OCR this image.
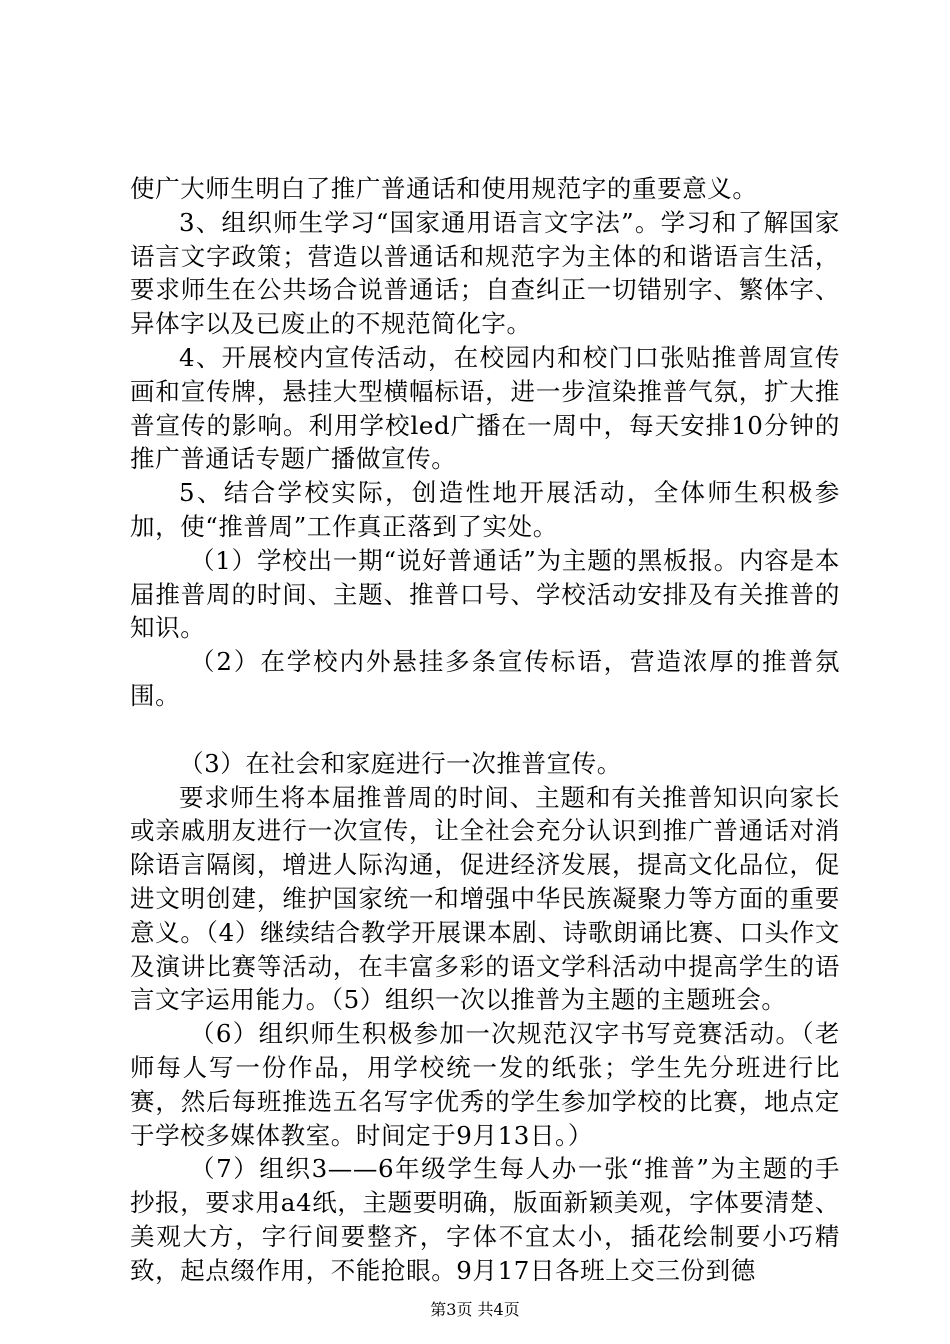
使广大师生明白了推广普通话和使用规范字的重要意义。

3、组织师生学习“国家通用语言文字法”。学习和了解国家语言文字政策；营造以普通话和规范字为主体的和谐语言生活，要求师生在公共场合说普通话；自查纠正一切错别字、繁体字、异体字以及已废止的不规范简化字。

4、开展校内宣传活动，在校园内和校门口张贴推普周宣传画和宣传牌，悬挂大型横幅标语，进一步渲染推普气氛，扩大推普宣传的影响。利用学校led广播在一周中，每天安排10分钟的推广普通话专题广播做宣传。

5、结合学校实际，创造性地开展活动，全体师生积极参加，使“推普周”工作真正落到了实处。

（1）学校出一期“说好普通话”为主题的黑板报。内容是本届推普周的时间、主题、推普口号、学校活动安排及有关推普的知识。

（2）在学校内外悬挂多条宣传标语，营造浓厚的推普氛围。

（3）在社会和家庭进行一次推普宣传。

要求师生将本届推普周的时间、主题和有关推普知识向家长或亲戚朋友进行一次宣传，让全社会充分认识到推广普通话对消除语言隔阂，增进人际沟通，促进经济发展，提高文化品位，促进文明创建，维护国家统一和增强中华民族凝聚力等方面的重要意义。（4）继续结合教学开展课本剧、诗歌朗诵比赛、口头作文及演讲比赛等活动，在丰富多彩的语文学科活动中提高学生的语言文字运用能力。（5）组织一次以推普为主题的主题班会。

（6）组织师生积极参加一次规范汉字书写竞赛活动。（老师每人写一份作品，用学校统一发的纸张；学生先分班进行比赛，然后每班推选五名写字优秀的学生参加学校的比赛，地点定于学校多媒体教室。时间定于9月13日。）

（7）组织3——6年级学生每人办一张“推普”为主题的手抄报，要求用a4纸，主题要明确，版面新颖美观，字体要清楚、美观大方，字行间要整齐，字体不宜太小，插花绘制要小巧精致，起点缀作用，不能抢眼。9月17日各班上交三份到德

第3页 共4页
